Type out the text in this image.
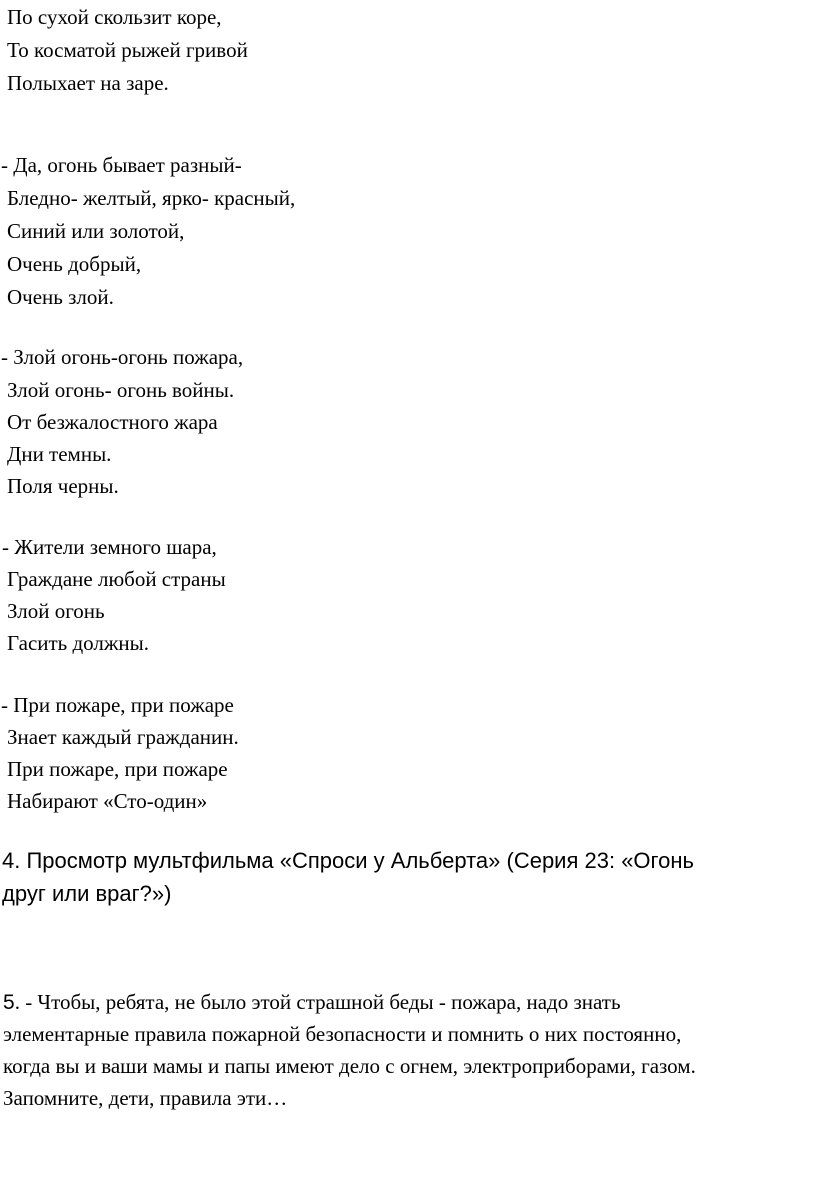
По сухой скользит коре,
То косматой рыжей гривой
Полыхает на заре.
- Да, огонь бывает разный-
Бледно- желтый, ярко- красный,
Синий или золотой,
Очень добрый,
Очень злой.
- Злой огонь-огонь пожара,
Злой огонь- огонь войны.
От безжалостного жара
Дни темны.
Поля черны.
- Жители земного шара,
Граждане любой страны
Злой огонь
Гасить должны.
- При пожаре, при пожаре
Знает каждый гражданин.
При пожаре, при пожаре
Набирают «Сто-один»
4. Просмотр мультфильма «Спроси у Альберта» (Серия 23: «Огонь
друг или враг?»)
5. - Чтобы, ребята, не было этой страшной беды - пожара, надо знать
элементарные правила пожарной безопасности и помнить о них постоянно,
когда вы и ваши мамы и папы имеют дело с огнем, электроприборами, газом.
Запомните, дети, правила эти…
